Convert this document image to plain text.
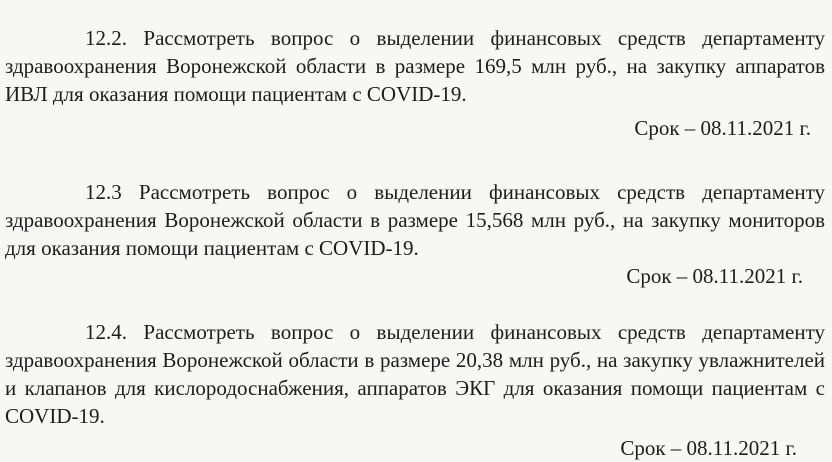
12.2. Рассмотреть вопрос о выделении финансовых средств департаменту здравоохранения Воронежской области в размере 169,5 млн руб., на закупку аппаратов ИВЛ для оказания помощи пациентам с COVID-19.

Срок – 08.11.2021 г.

12.3 Рассмотреть вопрос о выделении финансовых средств департаменту здравоохранения Воронежской области в размере 15,568 млн руб., на закупку мониторов для оказания помощи пациентам с COVID-19.

Срок – 08.11.2021 г.

12.4. Рассмотреть вопрос о выделении финансовых средств департаменту здравоохранения Воронежской области в размере 20,38 млн руб., на закупку увлажнителей и клапанов для кислородоснабжения, аппаратов ЭКГ для оказания помощи пациентам с COVID-19.

Срок – 08.11.2021 г.
